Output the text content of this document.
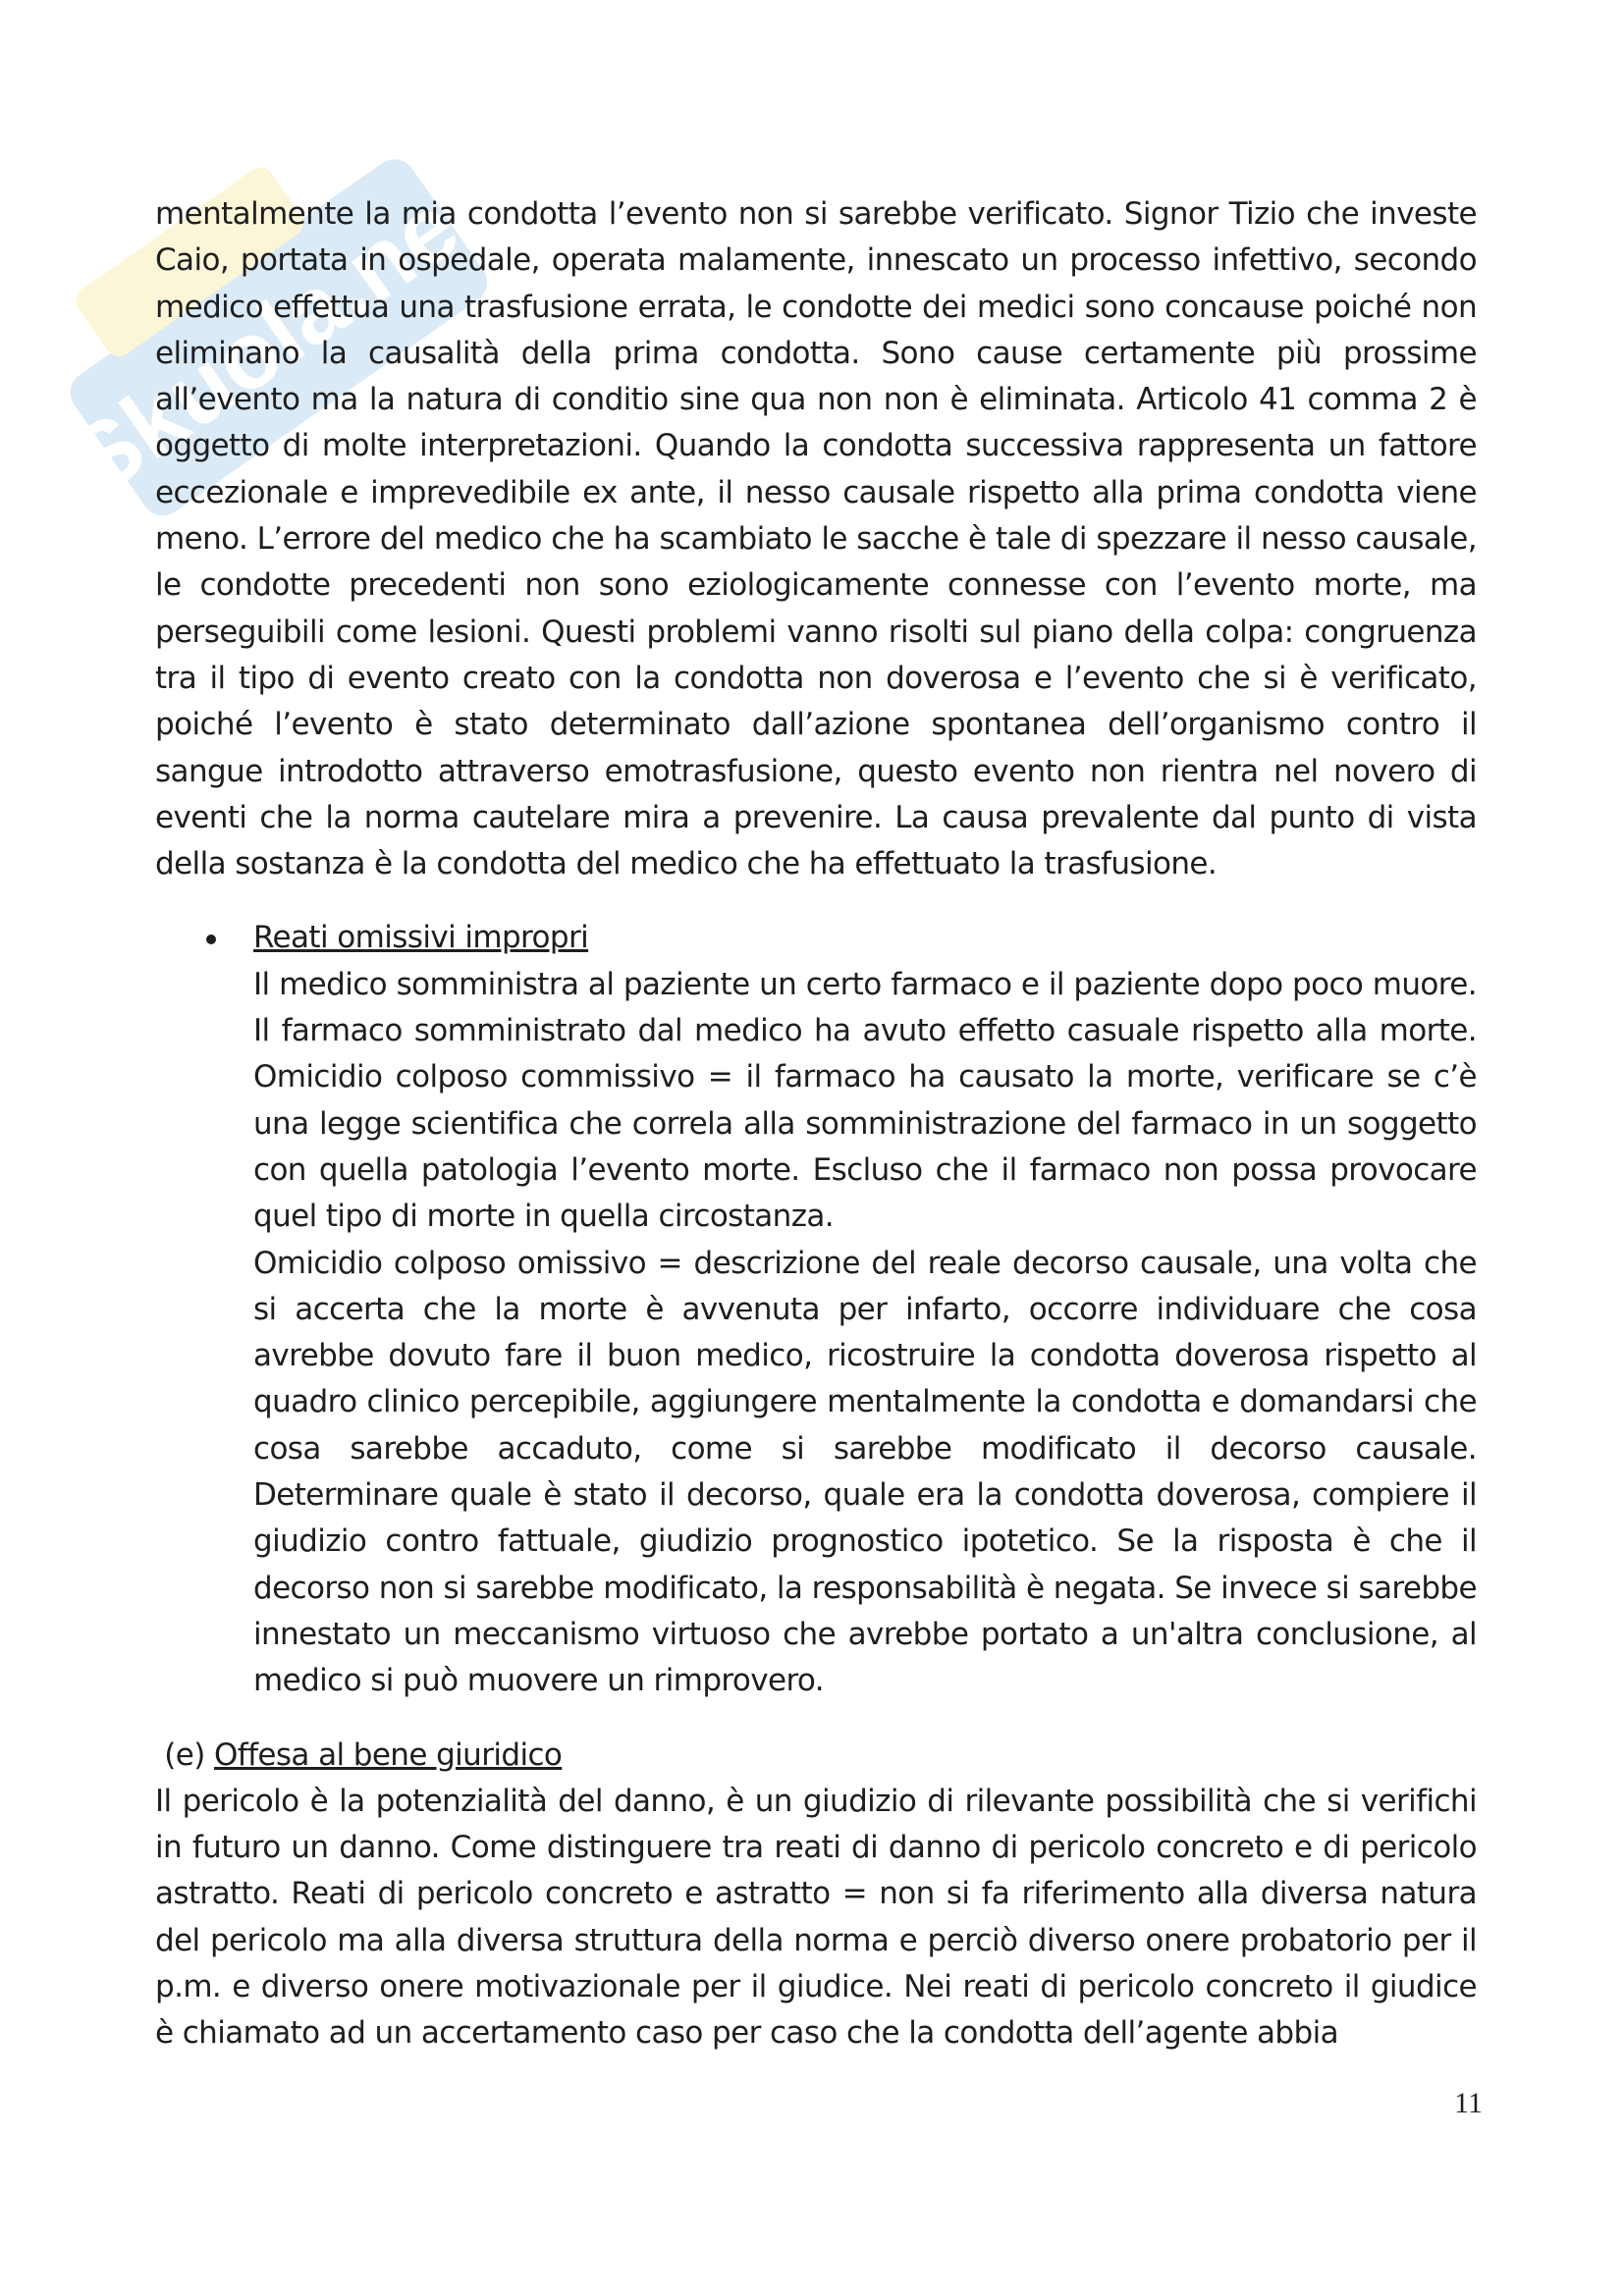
Skuola.net

mentalmente la mia condotta l’evento non si sarebbe verificato. Signor Tizio che investe Caio, portata in ospedale, operata malamente, innescato un processo infettivo, secondo medico effettua una trasfusione errata, le condotte dei medici sono concause poiché non eliminano la causalità della prima condotta. Sono cause certamente più prossime all’evento ma la natura di conditio sine qua non non è eliminata. Articolo 41 comma 2 è oggetto di molte interpretazioni. Quando la condotta successiva rappresenta un fattore eccezionale e imprevedibile ex ante, il nesso causale rispetto alla prima condotta viene meno. L’errore del medico che ha scambiato le sacche è tale di spezzare il nesso causale, le condotte precedenti non sono eziologicamente connesse con l’evento morte, ma perseguibili come lesioni. Questi problemi vanno risolti sul piano della colpa: congruenza tra il tipo di evento creato con la condotta non doverosa e l’evento che si è verificato, poiché l’evento è stato determinato dall’azione spontanea dell’organismo contro il sangue introdotto attraverso emotrasfusione, questo evento non rientra nel novero di eventi che la norma cautelare mira a prevenire. La causa prevalente dal punto di vista della sostanza è la condotta del medico che ha effettuato la trasfusione.

Reati omissivi impropri

Il medico somministra al paziente un certo farmaco e il paziente dopo poco muore. Il farmaco somministrato dal medico ha avuto effetto casuale rispetto alla morte. Omicidio colposo commissivo = il farmaco ha causato la morte, verificare se c’è una legge scientifica che correla alla somministrazione del farmaco in un soggetto con quella patologia l’evento morte. Escluso che il farmaco non possa provocare quel tipo di morte in quella circostanza.

Omicidio colposo omissivo = descrizione del reale decorso causale, una volta che si accerta che la morte è avvenuta per infarto, occorre individuare che cosa avrebbe dovuto fare il buon medico, ricostruire la condotta doverosa rispetto al quadro clinico percepibile, aggiungere mentalmente la condotta e domandarsi che cosa sarebbe accaduto, come si sarebbe modificato il decorso causale. Determinare quale è stato il decorso, quale era la condotta doverosa, compiere il giudizio contro fattuale, giudizio prognostico ipotetico. Se la risposta è che il decorso non si sarebbe modificato, la responsabilità è negata. Se invece si sarebbe innestato un meccanismo virtuoso che avrebbe portato a un'altra conclusione, al medico si può muovere un rimprovero.

(e) Offesa al bene giuridico

Il pericolo è la potenzialità del danno, è un giudizio di rilevante possibilità che si verifichi in futuro un danno. Come distinguere tra reati di danno di pericolo concreto e di pericolo astratto. Reati di pericolo concreto e astratto = non si fa riferimento alla diversa natura del pericolo ma alla diversa struttura della norma e perciò diverso onere probatorio per il p.m. e diverso onere motivazionale per il giudice. Nei reati di pericolo concreto il giudice è chiamato ad un accertamento caso per caso che la condotta dell’agente abbia

11
